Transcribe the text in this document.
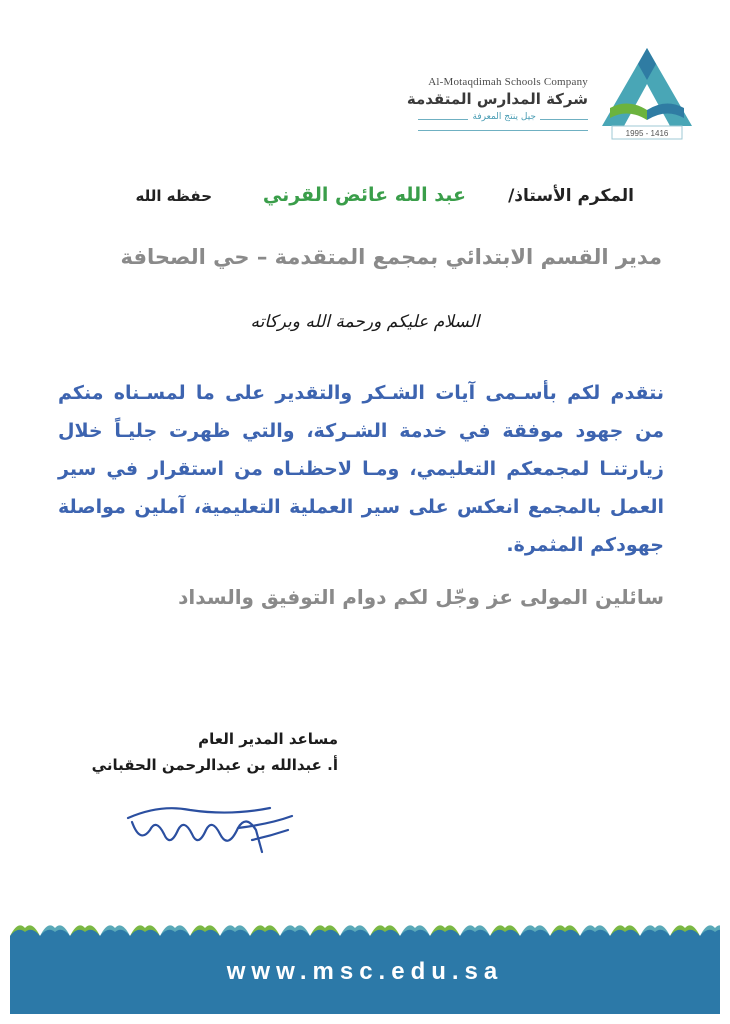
1995 - 1416
Al-Motaqdimah Schools Company
شركة المدارس المتقدمة
جيل ينتج المعرفة
المكرم الأستاذ/
عبد الله عائض القرني
حفظه الله
مدير القسم الابتدائي بمجمع المتقدمة – حي الصحافة
السلام عليكم ورحمة الله وبركاته
نتقدم لكم بأسـمى آيات الشـكر والتقدير على ما لمسـناه منكم من جهود موفقة في خدمة الشـركة، والتي ظهرت جليـاً خلال زيارتنـا لمجمعكم التعليمي، ومـا لاحظنـاه من استقرار في سير العمل بالمجمع انعكس على سير العملية التعليمية، آملين مواصلة جهودكم المثمرة.
سائلين المولى عز وجّل لكم دوام التوفيق والسداد
مساعد المدير العام
أ. عبدالله بن عبدالرحمن الحقباني
www.msc.edu.sa
